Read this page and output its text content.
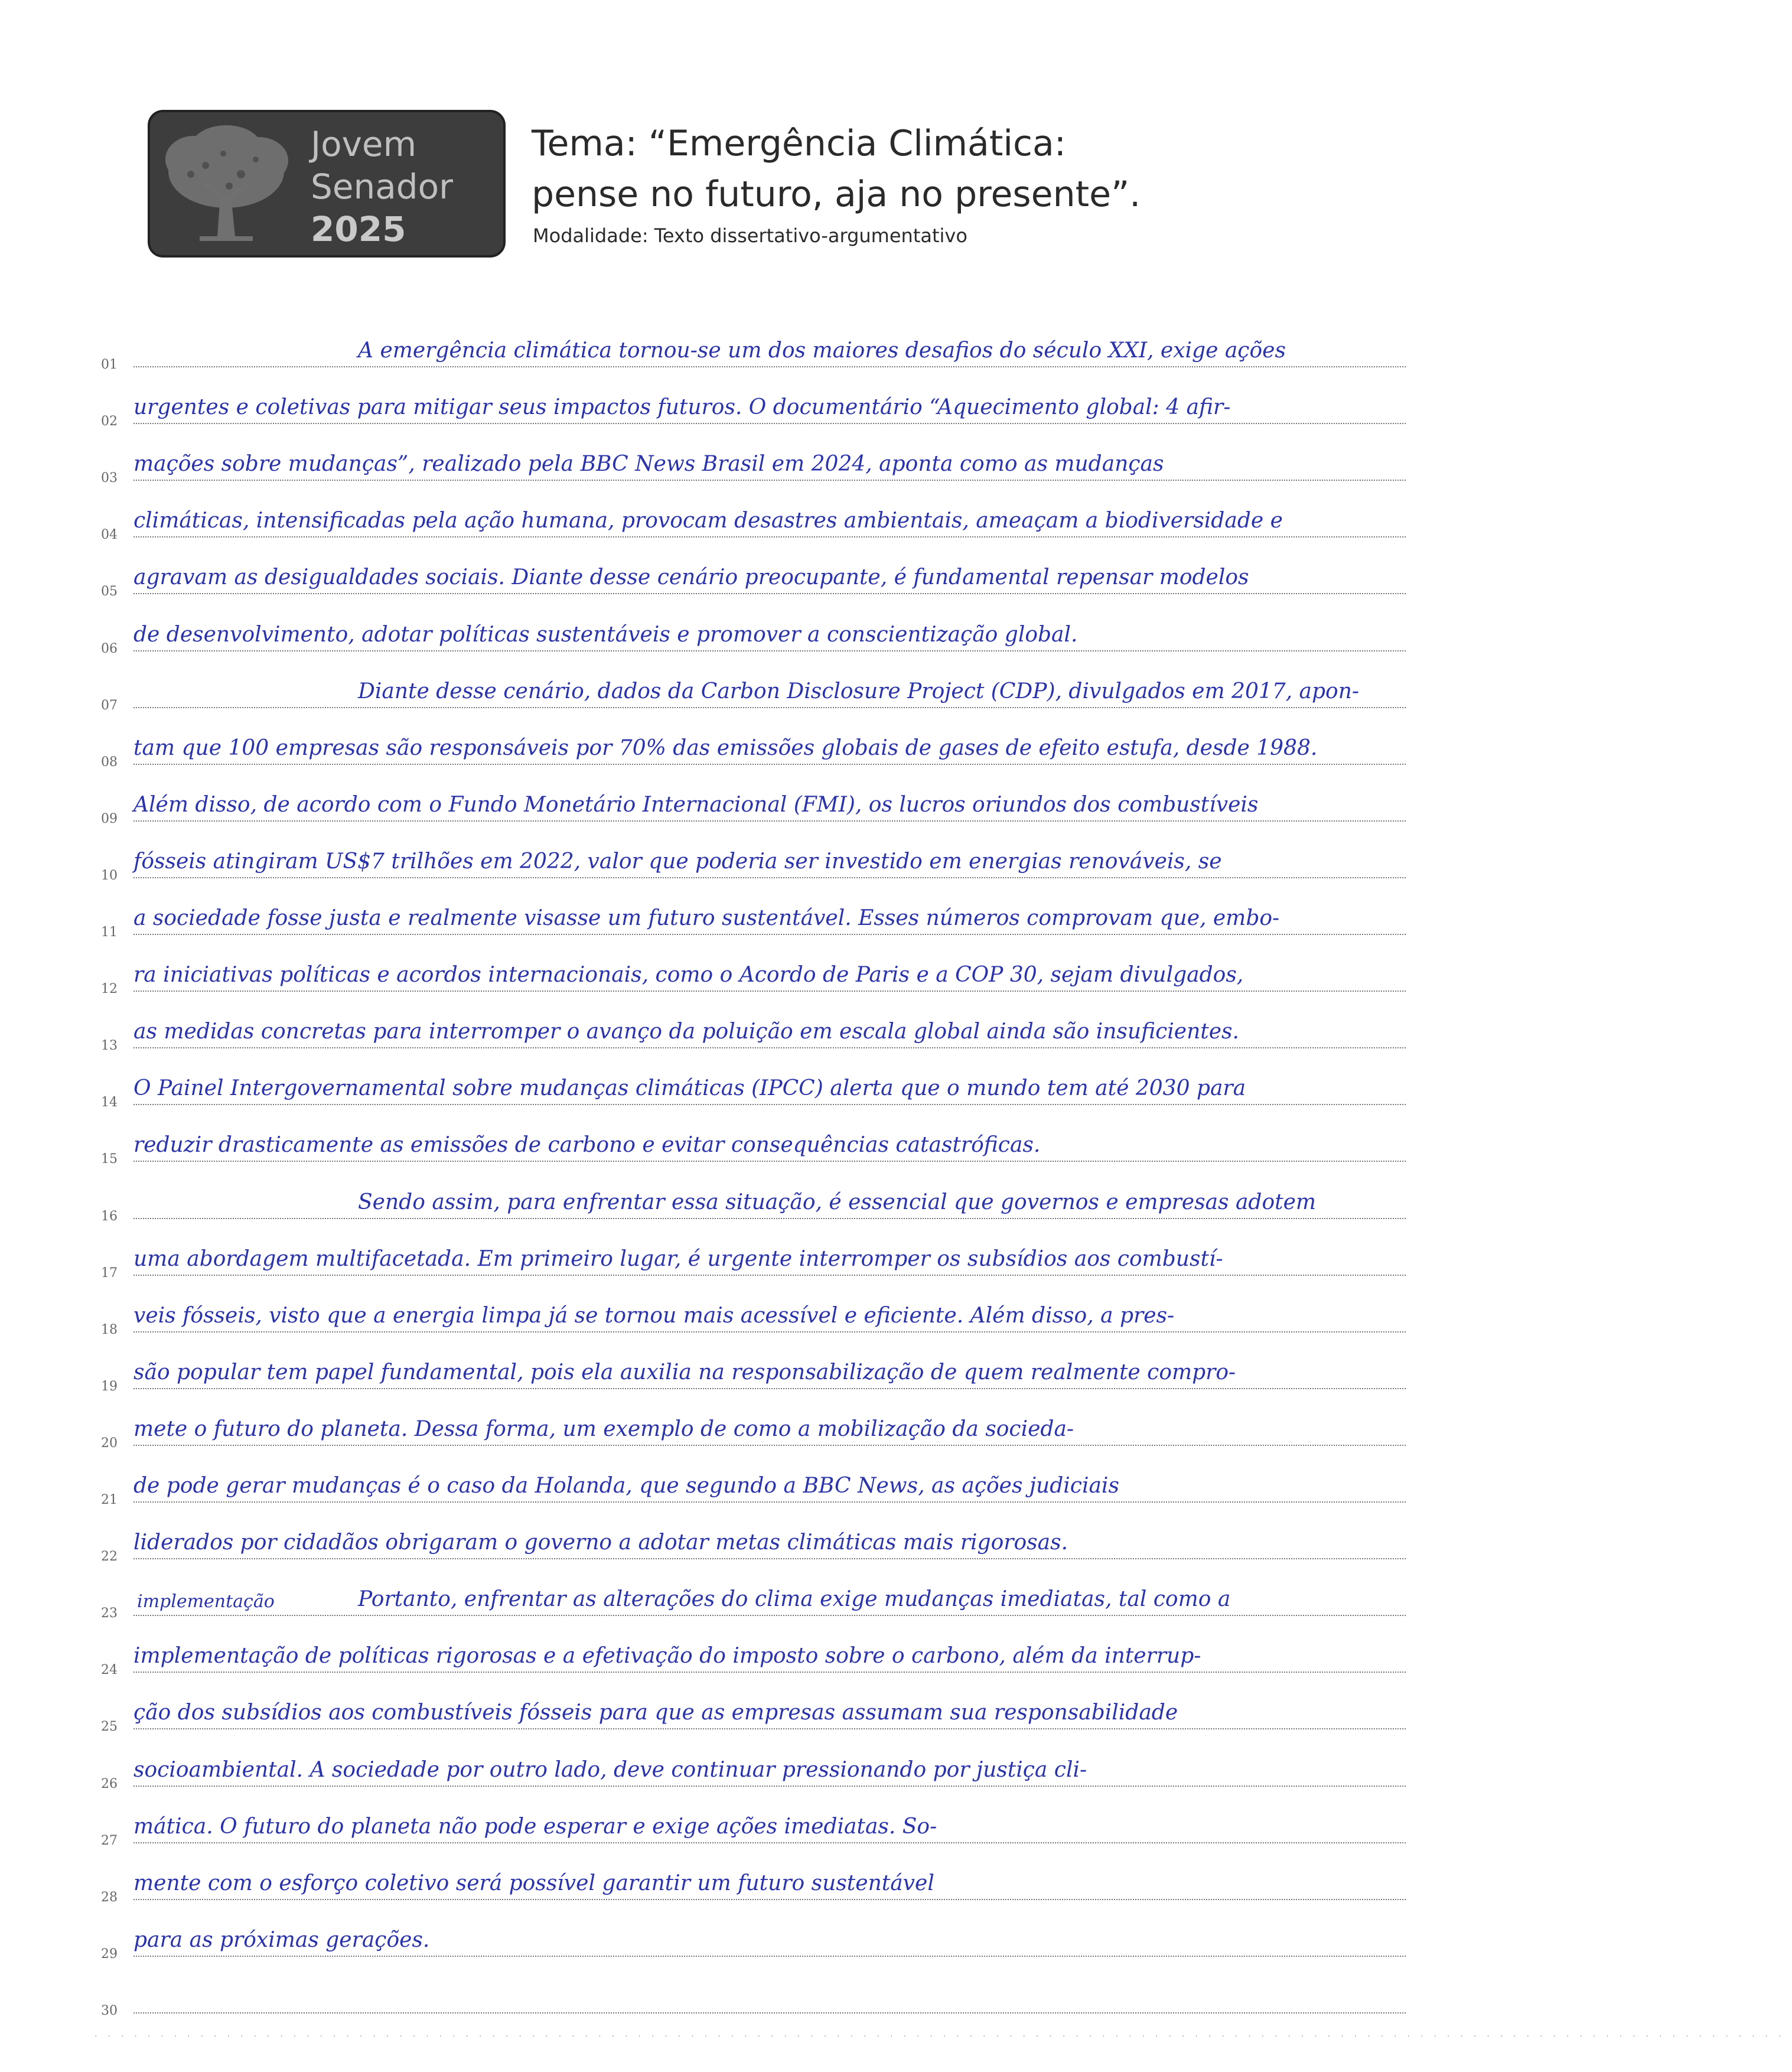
Jovem
Senador
2025
Tema: “Emergência Climática:
pense no futuro, aja no presente”.
Modalidade: Texto dissertativo-argumentativo
01
A emergência climática tornou-se um dos maiores desafios do século XXI, exige ações
02
urgentes e coletivas para mitigar seus impactos futuros. O documentário “Aquecimento global: 4 afir-
03
mações sobre mudanças”, realizado pela BBC News Brasil em 2024, aponta como as mudanças
04
climáticas, intensificadas pela ação humana, provocam desastres ambientais, ameaçam a biodiversidade e
05
agravam as desigualdades sociais. Diante desse cenário preocupante, é fundamental repensar modelos
06
de desenvolvimento, adotar políticas sustentáveis e promover a conscientização global.
07
Diante desse cenário, dados da Carbon Disclosure Project (CDP), divulgados em 2017, apon-
08
tam que 100 empresas são responsáveis por 70% das emissões globais de gases de efeito estufa, desde 1988.
09
Além disso, de acordo com o Fundo Monetário Internacional (FMI), os lucros oriundos dos combustíveis
10
fósseis atingiram US$7 trilhões em 2022, valor que poderia ser investido em energias renováveis, se
11
a sociedade fosse justa e realmente visasse um futuro sustentável. Esses números comprovam que, embo-
12
ra iniciativas políticas e acordos internacionais, como o Acordo de Paris e a COP 30, sejam divulgados,
13
as medidas concretas para interromper o avanço da poluição em escala global ainda são insuficientes.
14
O Painel Intergovernamental sobre mudanças climáticas (IPCC) alerta que o mundo tem até 2030 para
15
reduzir drasticamente as emissões de carbono e evitar consequências catastróficas.
16
Sendo assim, para enfrentar essa situação, é essencial que governos e empresas adotem
17
uma abordagem multifacetada. Em primeiro lugar, é urgente interromper os subsídios aos combustí-
18
veis fósseis, visto que a energia limpa já se tornou mais acessível e eficiente. Além disso, a pres-
19
são popular tem papel fundamental, pois ela auxilia na responsabilização de quem realmente compro-
20
mete o futuro do planeta. Dessa forma, um exemplo de como a mobilização da socieda-
21
de pode gerar mudanças é o caso da Holanda, que segundo a BBC News, as ações judiciais
22
liderados por cidadãos obrigaram o governo a adotar metas climáticas mais rigorosas.
23
Portanto, enfrentar as alterações do clima exige mudanças imediatas, tal como a
24
implementação de políticas rigorosas e a efetivação do imposto sobre o carbono, além da interrup-
25
ção dos subsídios aos combustíveis fósseis para que as empresas assumam sua responsabilidade
26
socioambiental. A sociedade por outro lado, deve continuar pressionando por justiça cli-
27
mática. O futuro do planeta não pode esperar e exige ações imediatas. So-
28
mente com o esforço coletivo será possível garantir um futuro sustentável
29
para as próximas gerações.
30
implementação
................................................................................................................................
